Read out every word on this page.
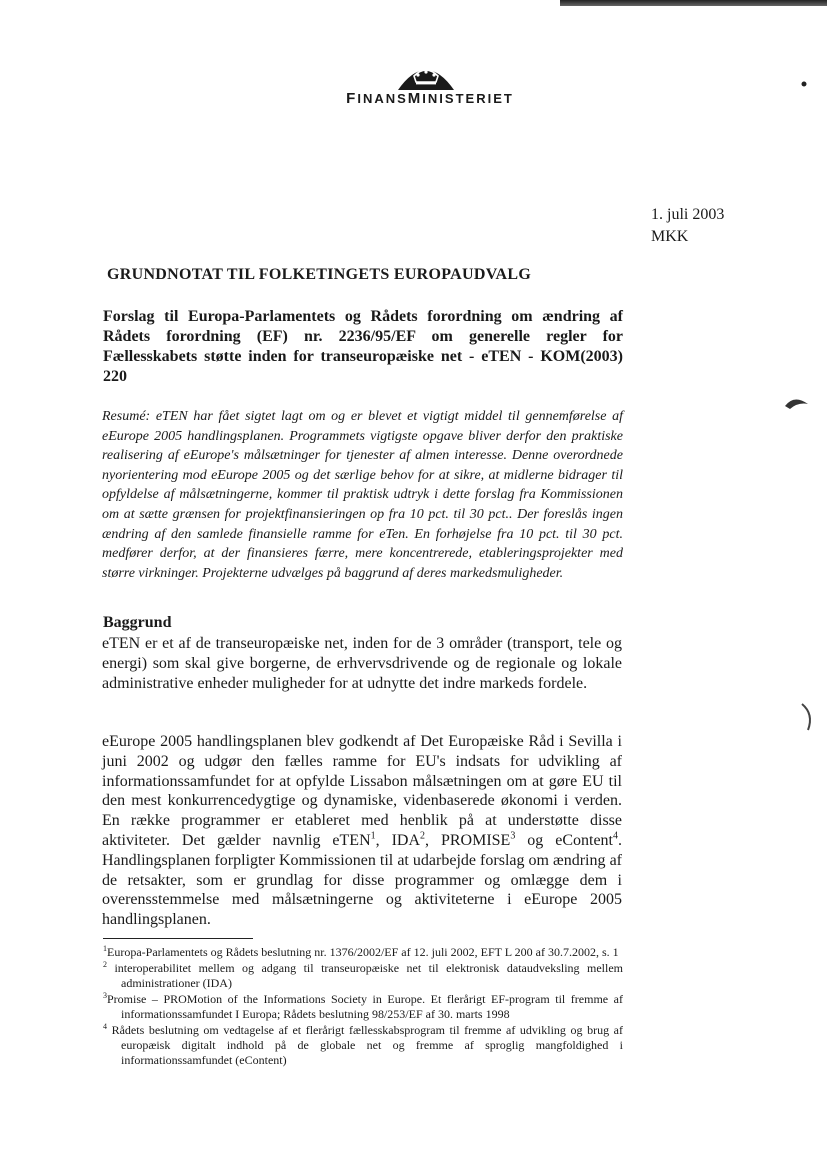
FINANSMINISTERIET
1. juli 2003
MKK
GRUNDNOTAT TIL FOLKETINGETS EUROPAUDVALG
Forslag til Europa-Parlamentets og Rådets forordning om ændring af Rådets forordning (EF) nr. 2236/95/EF om generelle regler for Fællesskabets støtte inden for transeuropæiske net - eTEN - KOM(2003) 220
Resumé: eTEN har fået sigtet lagt om og er blevet et vigtigt middel til gennemførelse af eEurope 2005 handlingsplanen. Programmets vigtigste opgave bliver derfor den praktiske realisering af eEurope's målsætninger for tjenester af almen interesse. Denne overordnede nyorientering mod eEurope 2005 og det særlige behov for at sikre, at midlerne bidrager til opfyldelse af målsætningerne, kommer til praktisk udtryk i dette forslag fra Kommissionen om at sætte grænsen for projektfinansieringen op fra 10 pct. til 30 pct.. Der foreslås ingen ændring af den samlede finansielle ramme for eTen. En forhøjelse fra 10 pct. til 30 pct. medfører derfor, at der finansieres færre, mere koncentrerede, etableringsprojekter med større virkninger. Projekterne udvælges på baggrund af deres markedsmuligheder.
Baggrund
eTEN er et af de transeuropæiske net, inden for de 3 områder (transport, tele og energi) som skal give borgerne, de erhvervsdrivende og de regionale og lokale administrative enheder muligheder for at udnytte det indre markeds fordele.
eEurope 2005 handlingsplanen blev godkendt af Det Europæiske Råd i Sevilla i juni 2002 og udgør den fælles ramme for EU's indsats for udvikling af informationssamfundet for at opfylde Lissabon målsætningen om at gøre EU til den mest konkurrencedygtige og dynamiske, videnbaserede økonomi i verden. En række programmer er etableret med henblik på at understøtte disse aktiviteter. Det gælder navnlig eTEN$^1$, IDA$^2$, PROMISE$^3$ og eContent$^4$. Handlingsplanen forpligter Kommissionen til at udarbejde forslag om ændring af de retsakter, som er grundlag for disse programmer og omlægge dem i overensstemmelse med målsætningerne og aktiviteterne i eEurope 2005 handlingsplanen.
$^1$Europa-Parlamentets og Rådets beslutning nr. 1376/2002/EF af 12. juli 2002, EFT L 200 af 30.7.2002, s. 1
$^2$ interoperabilitet mellem og adgang til transeuropæiske net til elektronisk dataudveksling mellem administrationer (IDA)
$^3$Promise – PROMotion of the Informations Society in Europe. Et flerårigt EF-program til fremme af informationssamfundet I Europa; Rådets beslutning 98/253/EF af 30. marts 1998
$^4$ Rådets beslutning om vedtagelse af et flerårigt fællesskabsprogram til fremme af udvikling og brug af europæisk digitalt indhold på de globale net og fremme af sproglig mangfoldighed i informationssamfundet (eContent)
